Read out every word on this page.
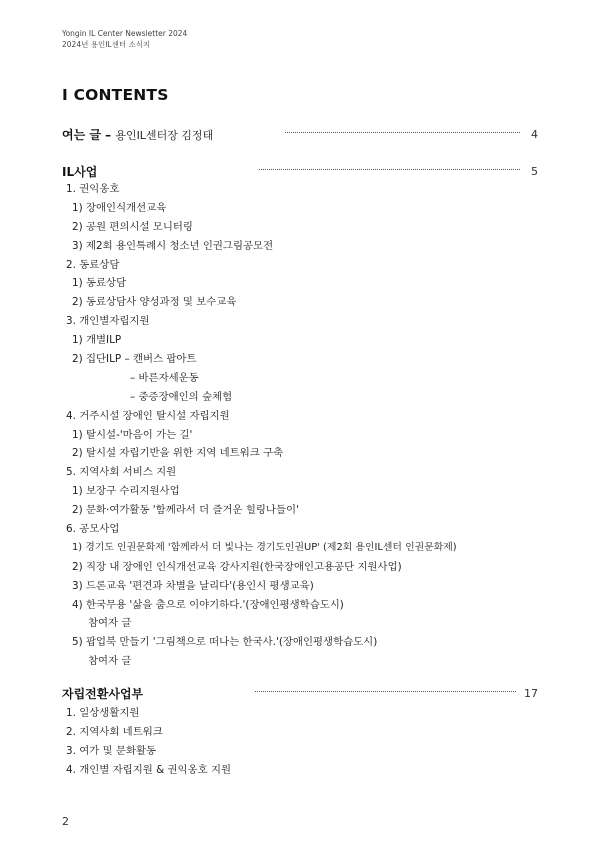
Yongin IL Center Newsletter 2024
2024년 용인IL센터 소식지
I CONTENTS
여는 글 – 용인IL센터장 김정태	4
IL사업	5
1. 권익옹호
1) 장애인식개선교육
2) 공원 편의시설 모니터링
3) 제2회 용인특례시 청소년 인권그림공모전
2. 동료상담
1) 동료상담
2) 동료상담사 양성과정 및 보수교육
3. 개인별자립지원
1) 개별ILP
2) 집단ILP – 캔버스 팝아트
– 바른자세운동
– 중증장애인의 숲체험
4. 거주시설 장애인 탈시설 자립지원
1) 탈시설-'마음이 가는 길'
2) 탈시설 자립기반을 위한 지역 네트워크 구축
5. 지역사회 서비스 지원
1) 보장구 수리지원사업
2) 문화·여가활동 '함께라서 더 즐거운 힐링나들이'
6. 공모사업
1) 경기도 인권문화제 '함께라서 더 빛나는 경기도인권UP' (제2회 용인IL센터 인권문화제)
2) 직장 내 장애인 인식개선교육 강사지원(한국장애인고용공단 지원사업)
3) 드론교육 '편견과 차별을 날리다'(용인시 평생교육)
4) 한국무용 '삶을 춤으로 이야기하다.'(장애인평생학습도시)
참여자 글
5) 팝업북 만들기 '그림책으로 떠나는 한국사.'(장애인평생학습도시)
참여자 글
자립전환사업부	17
1. 일상생활지원
2. 지역사회 네트워크
3. 여가 및 문화활동
4. 개인별 자립지원 & 권익옹호 지원
2
